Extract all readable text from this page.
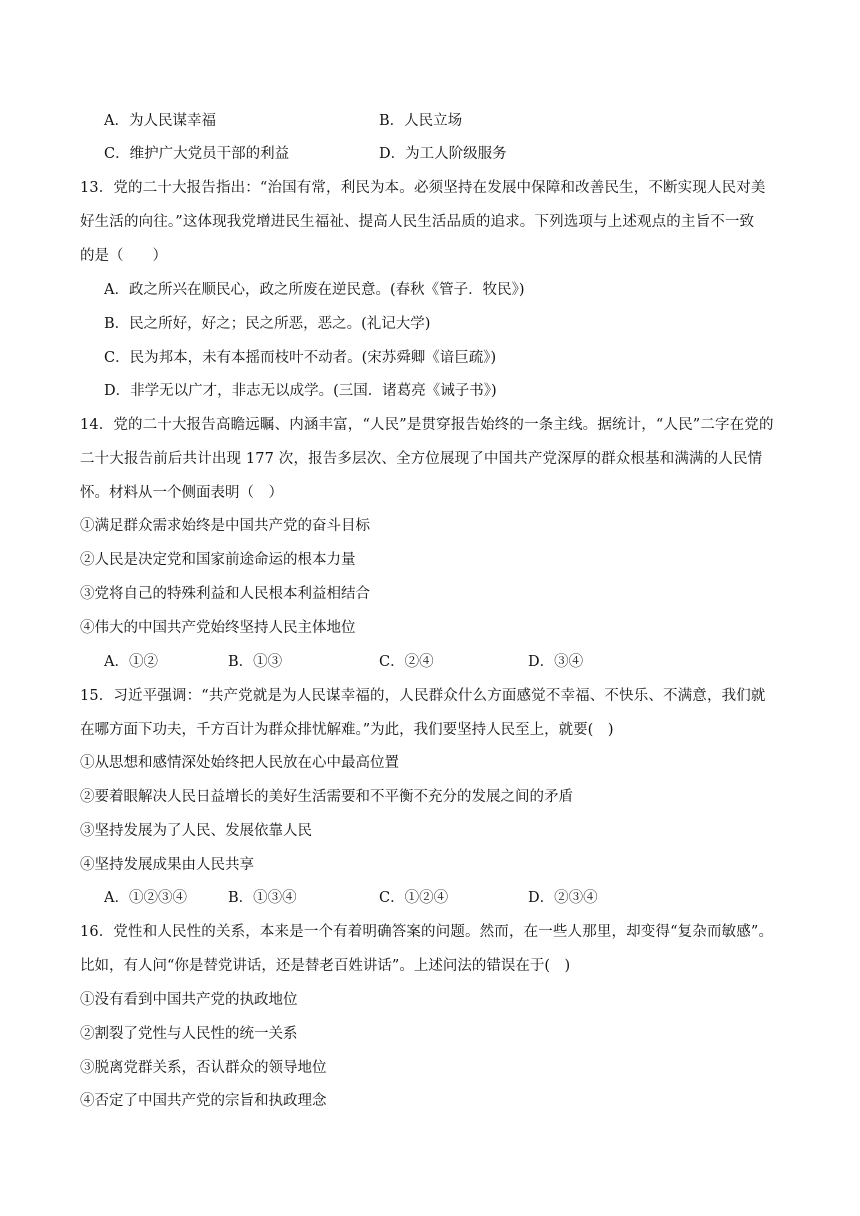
A．为人民谋幸福	B．人民立场
C．维护广大党员干部的利益	D．为工人阶级服务
13．党的二十大报告指出：“治国有常，利民为本。必须坚持在发展中保障和改善民生，不断实现人民对美
好生活的向往。”这体现我党增进民生福祉、提高人民生活品质的追求。下列选项与上述观点的主旨不一致
的是（　　）
A．政之所兴在顺民心，政之所废在逆民意。(春秋《管子．牧民》)
B．民之所好，好之；民之所恶，恶之。(礼记大学)
C．民为邦本，未有本摇而枝叶不动者。(宋苏舜卿《谙巨疏》)
D．非学无以广才，非志无以成学。(三国．诸葛亮《诫子书》)
14．党的二十大报告高瞻远瞩、内涵丰富，“人民”是贯穿报告始终的一条主线。据统计，“人民”二字在党的
二十大报告前后共计出现 177 次，报告多层次、全方位展现了中国共产党深厚的群众根基和满满的人民情
怀。材料从一个侧面表明（　）
①满足群众需求始终是中国共产党的奋斗目标
②人民是决定党和国家前途命运的根本力量
③党将自己的特殊利益和人民根本利益相结合
④伟大的中国共产党始终坚持人民主体地位
A．①②	B．①③	C．②④	D．③④
15．习近平强调：“共产党就是为人民谋幸福的，人民群众什么方面感觉不幸福、不快乐、不满意，我们就
在哪方面下功夫，千方百计为群众排忧解难。”为此，我们要坚持人民至上，就要(　)
①从思想和感情深处始终把人民放在心中最高位置
②要着眼解决人民日益增长的美好生活需要和不平衡不充分的发展之间的矛盾
③坚持发展为了人民、发展依靠人民
④坚持发展成果由人民共享
A．①②③④	B．①③④	C．①②④	D．②③④
16．党性和人民性的关系，本来是一个有着明确答案的问题。然而，在一些人那里，却变得“复杂而敏感”。
比如，有人问“你是替党讲话，还是替老百姓讲话”。上述问法的错误在于(　)
①没有看到中国共产党的执政地位
②割裂了党性与人民性的统一关系
③脱离党群关系，否认群众的领导地位
④否定了中国共产党的宗旨和执政理念
